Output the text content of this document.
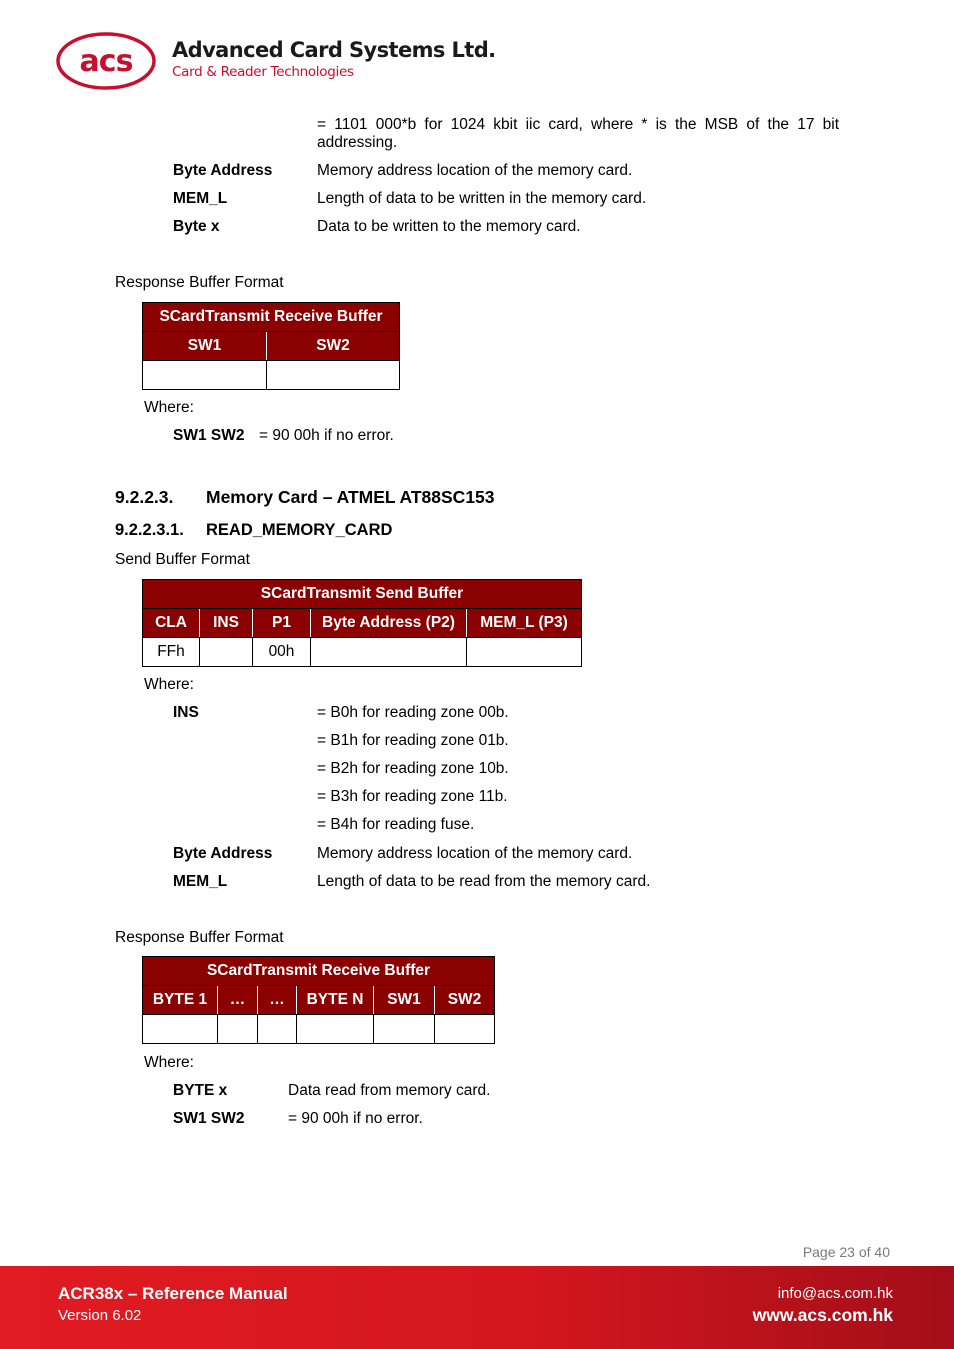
acs Advanced Card Systems Ltd.
Card & Reader Technologies
= 1101 000*b for 1024 kbit iic card, where * is the MSB of the 17 bit addressing.
Byte Address	Memory address location of the memory card.
MEM_L	Length of data to be written in the memory card.
Byte x	Data to be written to the memory card.
Response Buffer Format
SCardTransmit Receive Buffer	
SW1	SW2

Where:
SW1 SW2 = 90 00h if no error.
9.2.2.3. Memory Card – ATMEL AT88SC153
9.2.2.3.1. READ_MEMORY_CARD
Send Buffer Format
SCardTransmit Send Buffer				
CLA	INS	P1	Byte Address (P2)	MEM_L (P3)
FFh		00h		
Where:
INS	= B0h for reading zone 00b.
= B1h for reading zone 01b.
= B2h for reading zone 10b.
= B3h for reading zone 11b.
= B4h for reading fuse.
Byte Address	Memory address location of the memory card.
MEM_L	Length of data to be read from the memory card.
Response Buffer Format
SCardTransmit Receive Buffer					
BYTE 1	…	…	BYTE N	SW1	SW2

Where:
BYTE x	Data read from memory card.
SW1 SW2	= 90 00h if no error.
Page 23 of 40
ACR38x – Reference Manual
Version 6.02
info@acs.com.hk
www.acs.com.hk
